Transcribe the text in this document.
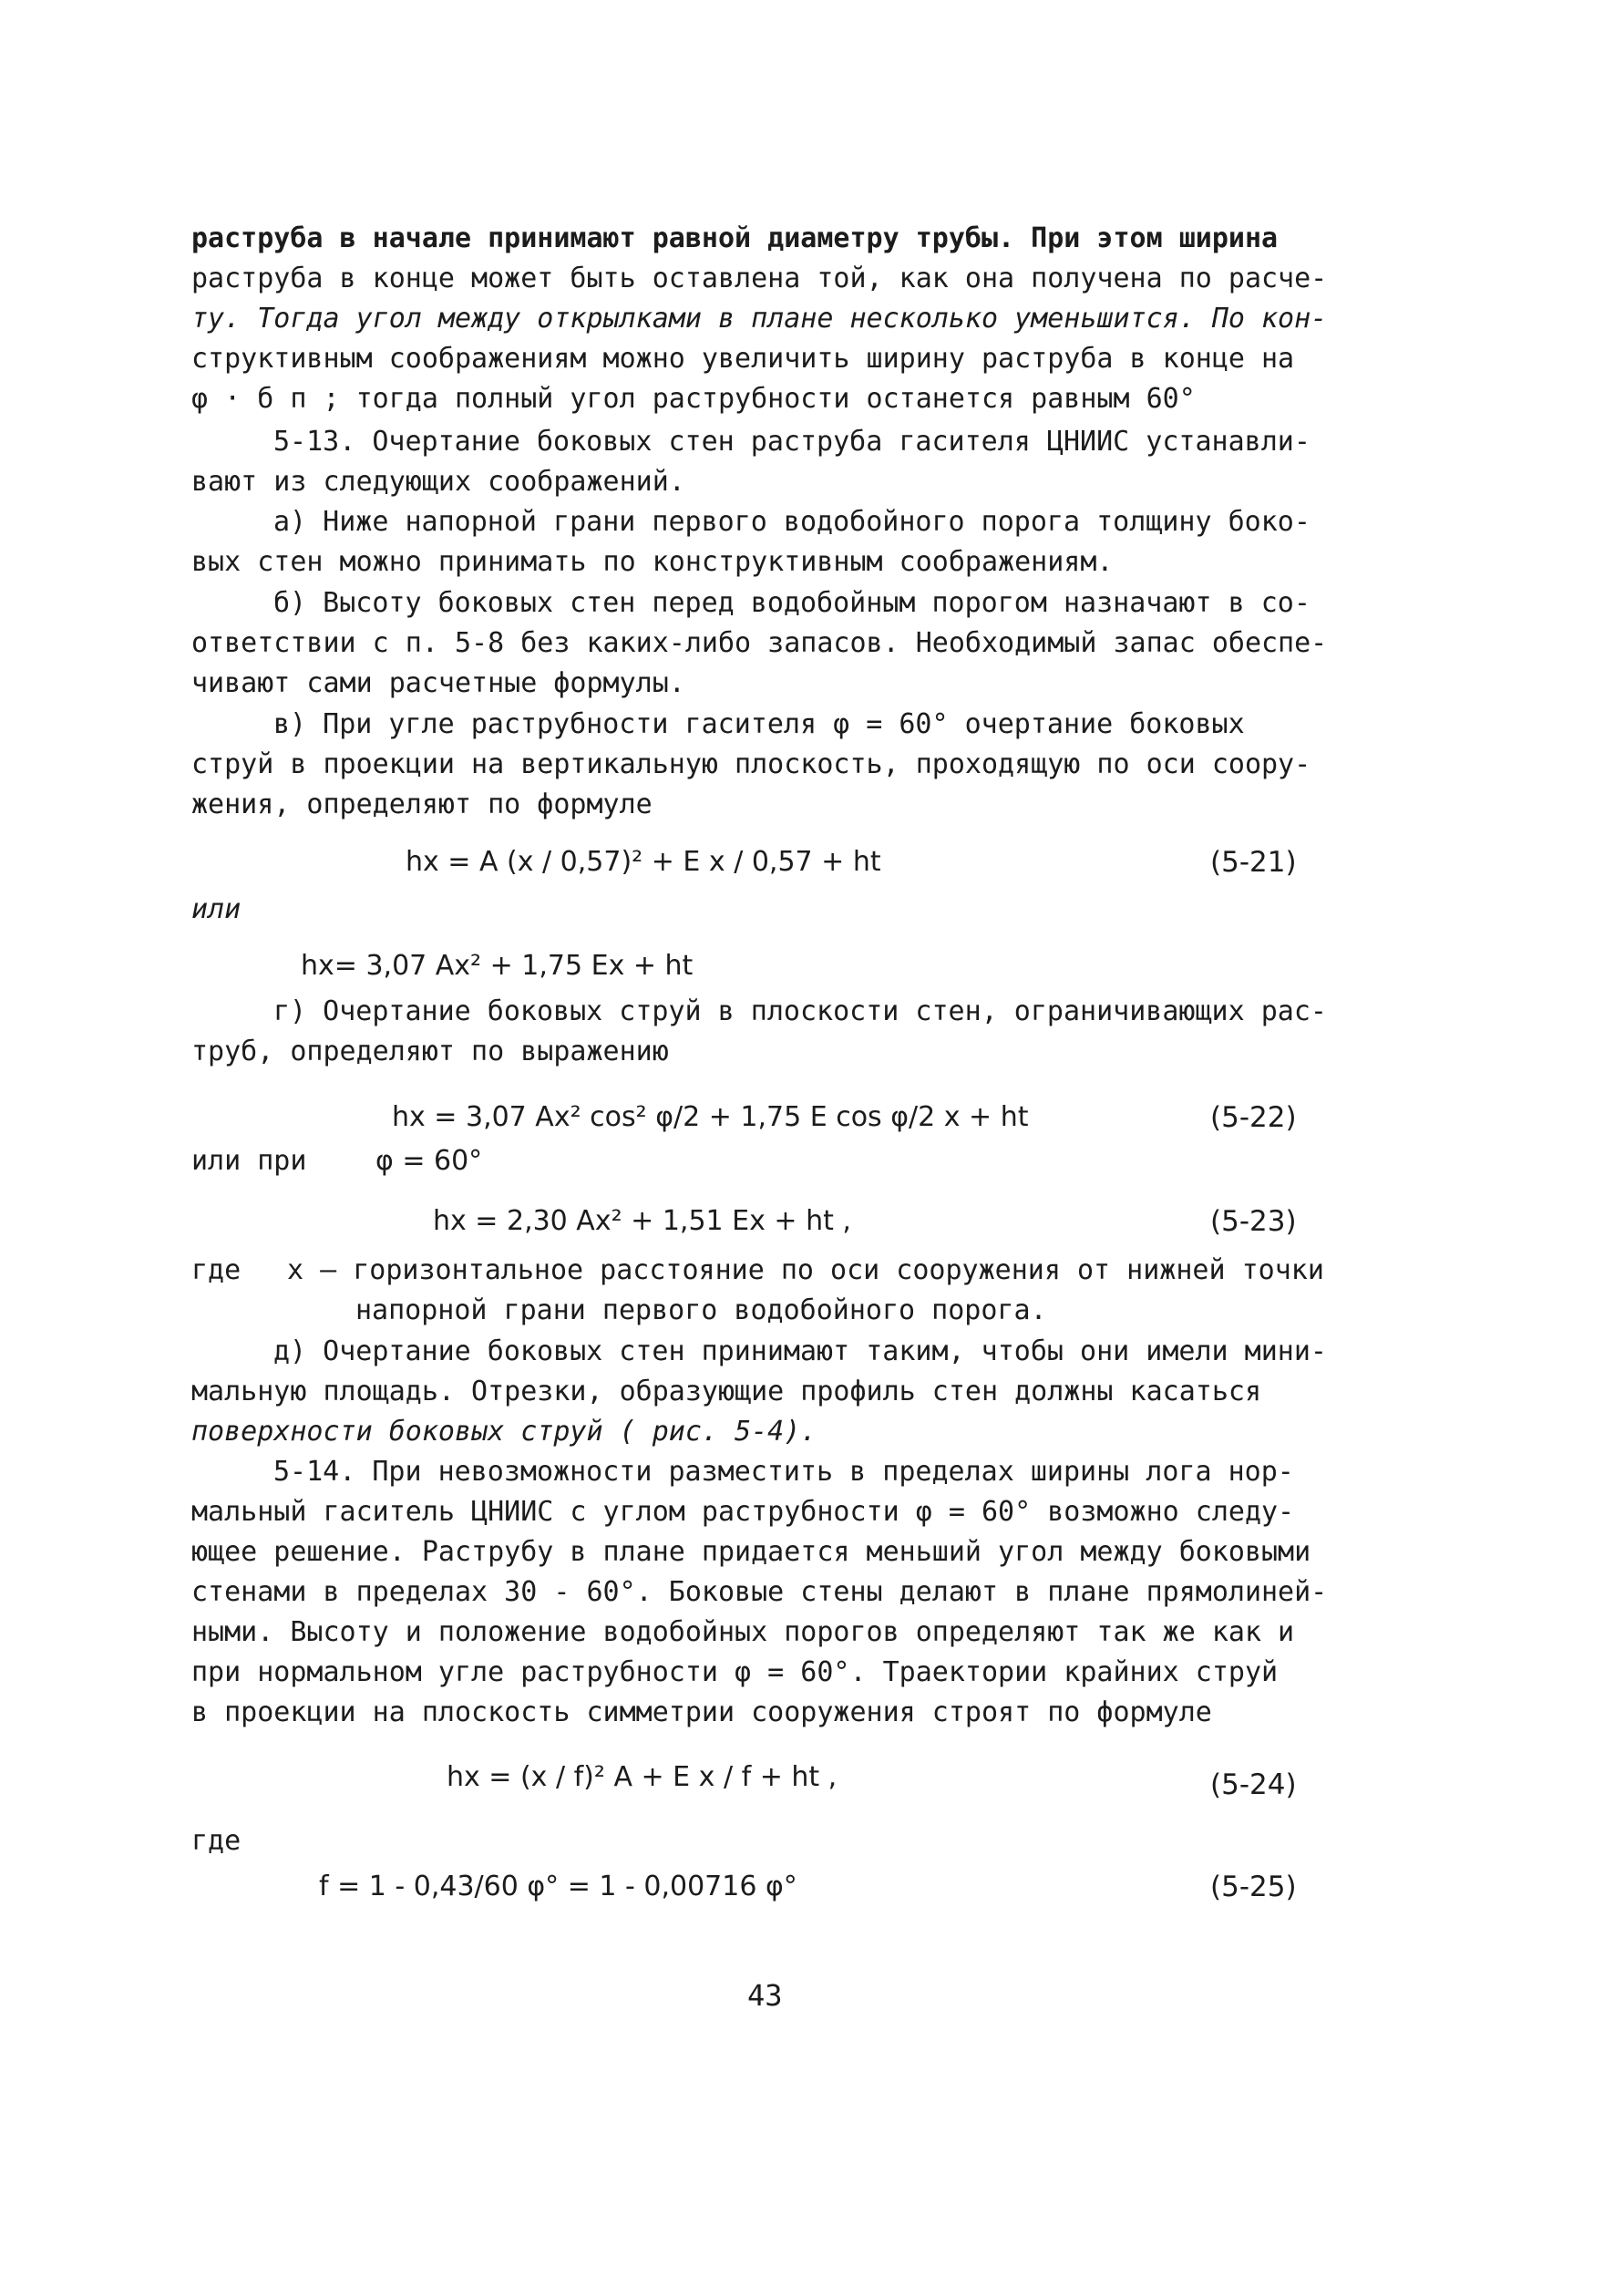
раструба в начале принимают равной диаметру трубы. При этом ширина
раструба в конце может быть оставлена той, как она получена по расче-
ту. Тогда угол между открылками в плане несколько уменьшится. По кон-
структивным соображениям можно увеличить ширину раструба в конце на
φ · б п ; тогда полный угол раструбности останется равным 60°
5-13. Очертание боковых стен раструба гасителя ЦНИИС устанавли-
вают из следующих соображений.
а) Ниже напорной грани первого водобойного порога толщину боко-
вых стен можно принимать по конструктивным соображениям.
б) Высоту боковых стен перед водобойным порогом назначают в со-
ответствии с п. 5-8 без каких-либо запасов. Необходимый запас обеспе-
чивают сами расчетные формулы.
в) При угле раструбности гасителя φ = 60° очертание боковых
струй в проекции на вертикальную плоскость, проходящую по оси соору-
жения, определяют по формуле
hx = A (x / 0,57)² + E x / 0,57 + ht	(5-21)
или
hx= 3,07 Ax² + 1,75 Ex + ht
г) Очертание боковых струй в плоскости стен, ограничивающих рас-
труб, определяют по выражению
hx = 3,07 Ax² cos² φ/2 + 1,75 E cos φ/2 x + ht	(5-22)
или при	φ = 60°
hx = 2,30 Ax² + 1,51 Ex + ht ,	(5-23)
где x – горизонтальное расстояние по оси сооружения от нижней точки
напорной грани первого водобойного порога.
д) Очертание боковых стен принимают таким, чтобы они имели мини-
мальную площадь. Отрезки, образующие профиль стен должны касаться
поверхности боковых струй ( рис. 5-4).
5-14. При невозможности разместить в пределах ширины лога нор-
мальный гаситель ЦНИИС с углом раструбности φ = 60° возможно следу-
ющее решение. Раструбу в плане придается меньший угол между боковыми
стенами в пределах 30 - 60°. Боковые стены делают в плане прямолиней-
ными. Высоту и положение водобойных порогов определяют так же как и
при нормальном угле раструбности φ = 60°. Траектории крайних струй
в проекции на плоскость симметрии сооружения строят по формуле
hx = (x / f)² A + E x / f + ht ,	(5-24)
где
f = 1 - 0,43/60 φ° = 1 - 0,00716 φ°	(5-25)
43
